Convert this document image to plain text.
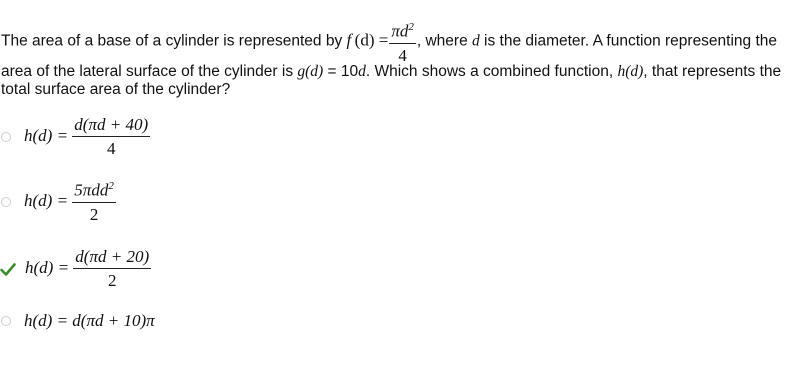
The area of a base of a cylinder is represented by f  $(d) = \frac{\pi d^2}{4}$ , where d is the diameter. A function representing the
area of the lateral surface of the cylinder is g(d) = 10d. Which shows a combined function, h(d), that represents the
total surface area of the cylinder?
$h(d) = \frac{d(\pi d + 40)}{4}$
$h(d) = \frac{5\pi dd^2}{2}$
$h(d) = \frac{d(\pi d + 20)}{2}$
h(d) = d(πd + 10)π
